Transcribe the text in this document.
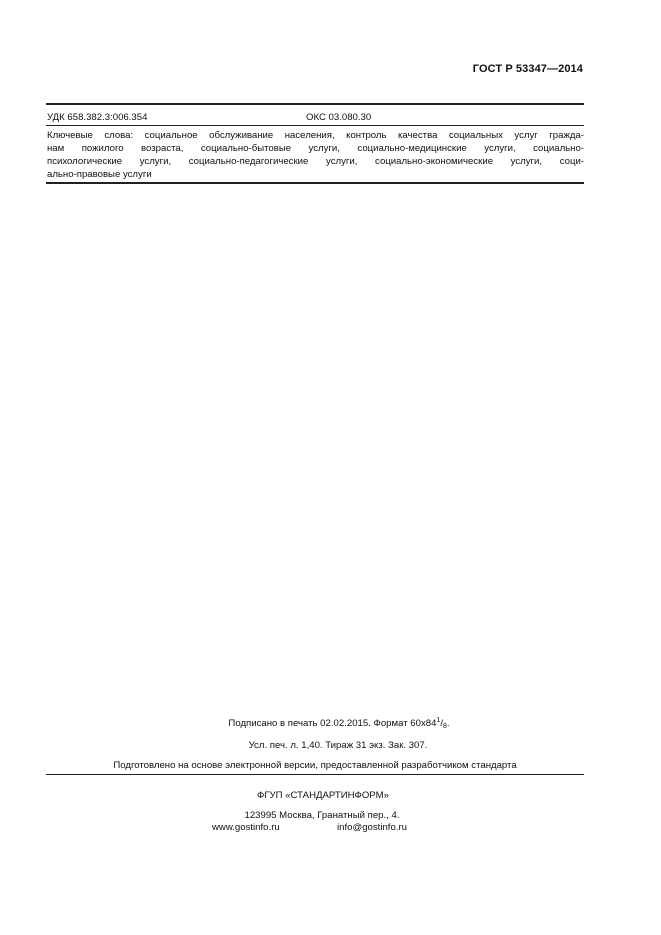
ГОСТ Р 53347—2014
УДК 658.382.3:006.354	ОКС 03.080.30
Ключевые слова: социальное обслуживание населения, контроль качества социальных услуг гражда-
нам пожилого возраста, социально-бытовые услуги, социально-медицинские услуги, социально-
психологические услуги, социально-педагогические услуги, социально-экономические услуги, соци-
ально-правовые услуги
Подписано в печать 02.02.2015. Формат $60x84^1/_8$.
Усл. печ. л. 1,40. Тираж 31 экз. Зак. 307.
Подготовлено на основе электронной версии, предоставленной разработчиком стандарта
ФГУП «СТАНДАРТИНФОРМ»
123995 Москва, Гранатный пер., 4.
www.gostinfo.ru	info@gostinfo.ru
